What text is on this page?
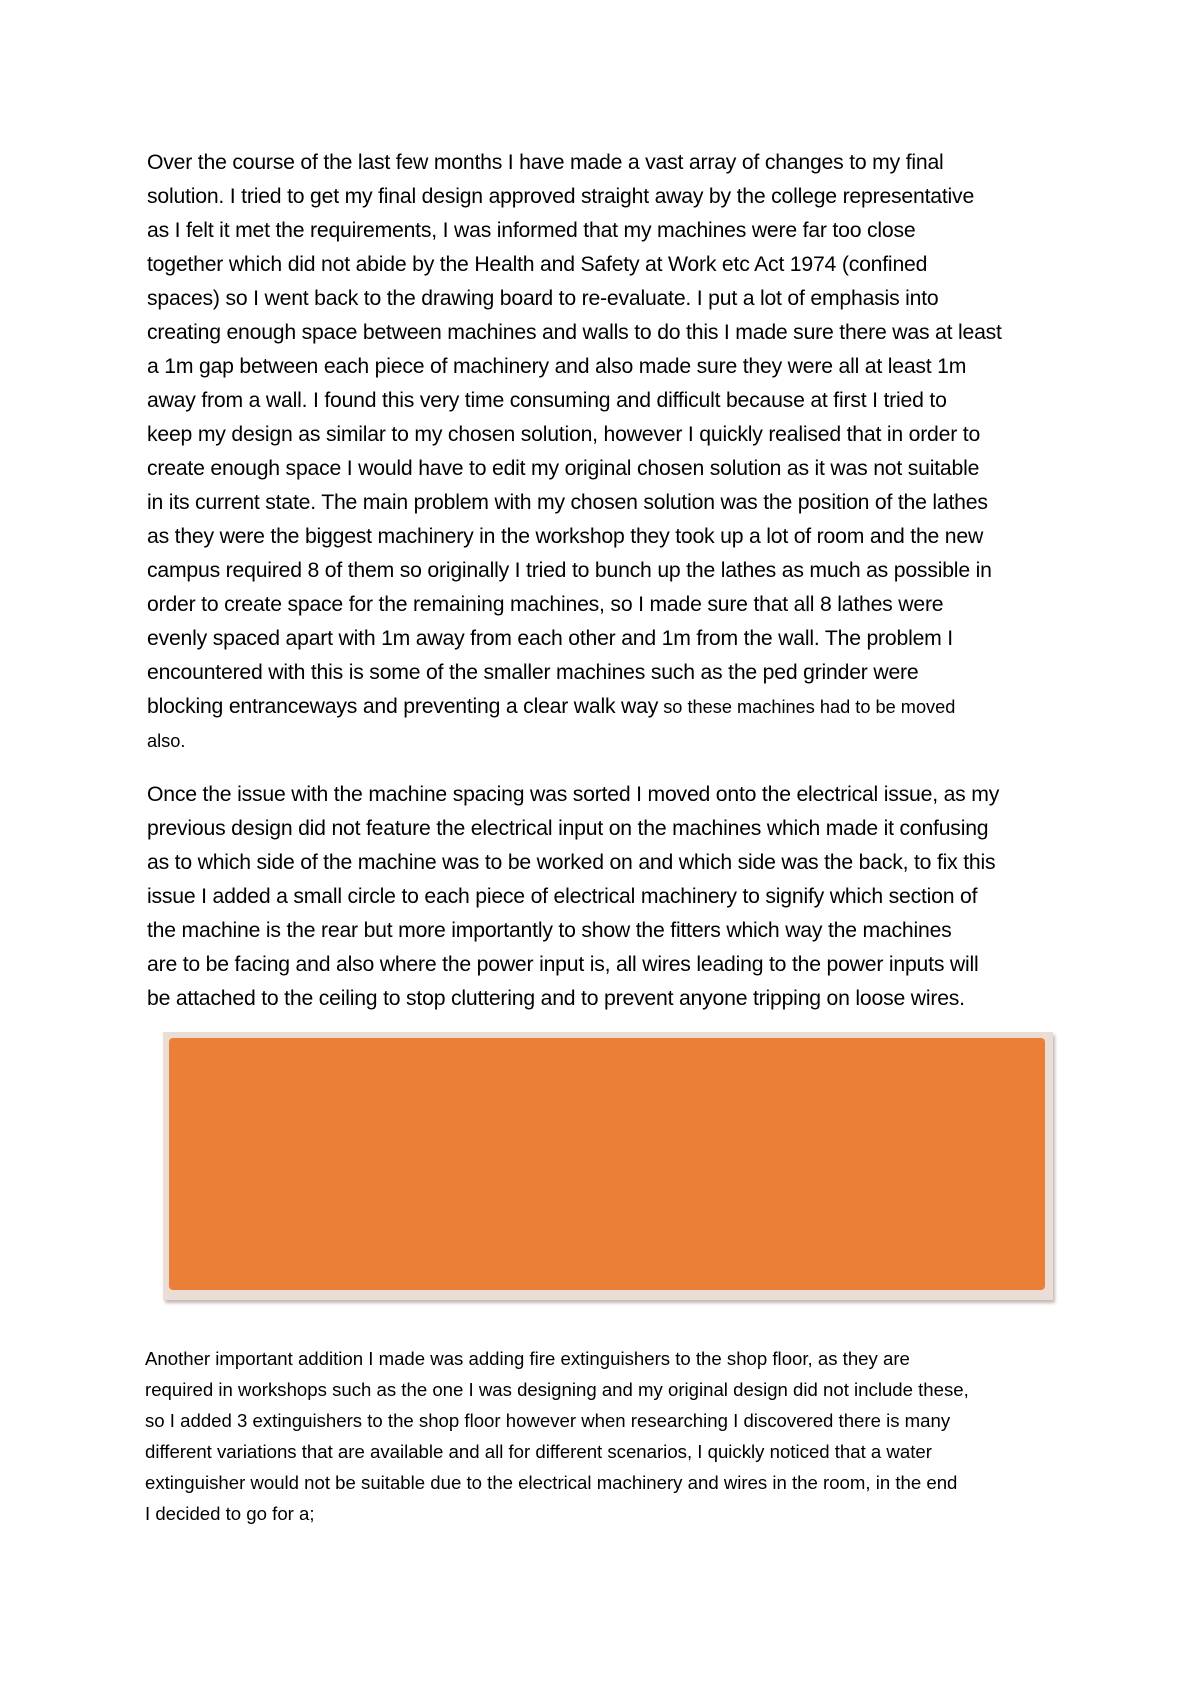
Over the course of the last few months I have made a vast array of changes to my final
solution. I tried to get my final design approved straight away by the college representative
as I felt it met the requirements, I was informed that my machines were far too close
together which did not abide by the Health and Safety at Work etc Act 1974 (confined
spaces) so I went back to the drawing board to re-evaluate. I put a lot of emphasis into
creating enough space between machines and walls to do this I made sure there was at least
a 1m gap between each piece of machinery and also made sure they were all at least 1m
away from a wall. I found this very time consuming and difficult because at first I tried to
keep my design as similar to my chosen solution, however I quickly realised that in order to
create enough space I would have to edit my original chosen solution as it was not suitable
in its current state. The main problem with my chosen solution was the position of the lathes
as they were the biggest machinery in the workshop they took up a lot of room and the new
campus required 8 of them so originally I tried to bunch up the lathes as much as possible in
order to create space for the remaining machines, so I made sure that all 8 lathes were
evenly spaced apart with 1m away from each other and 1m from the wall. The problem I
encountered with this is some of the smaller machines such as the ped grinder were
blocking entranceways and preventing a clear walk way so these machines had to be moved
also.

Once the issue with the machine spacing was sorted I moved onto the electrical issue, as my
previous design did not feature the electrical input on the machines which made it confusing
as to which side of the machine was to be worked on and which side was the back, to fix this
issue I added a small circle to each piece of electrical machinery to signify which section of
the machine is the rear but more importantly to show the fitters which way the machines
are to be facing and also where the power input is, all wires leading to the power inputs will
be attached to the ceiling to stop cluttering and to prevent anyone tripping on loose wires.

Another important addition I made was adding fire extinguishers to the shop floor, as they are
required in workshops such as the one I was designing and my original design did not include these,
so I added 3 extinguishers to the shop floor however when researching I discovered there is many
different variations that are available and all for different scenarios, I quickly noticed that a water
extinguisher would not be suitable due to the electrical machinery and wires in the room, in the end
I decided to go for a;
